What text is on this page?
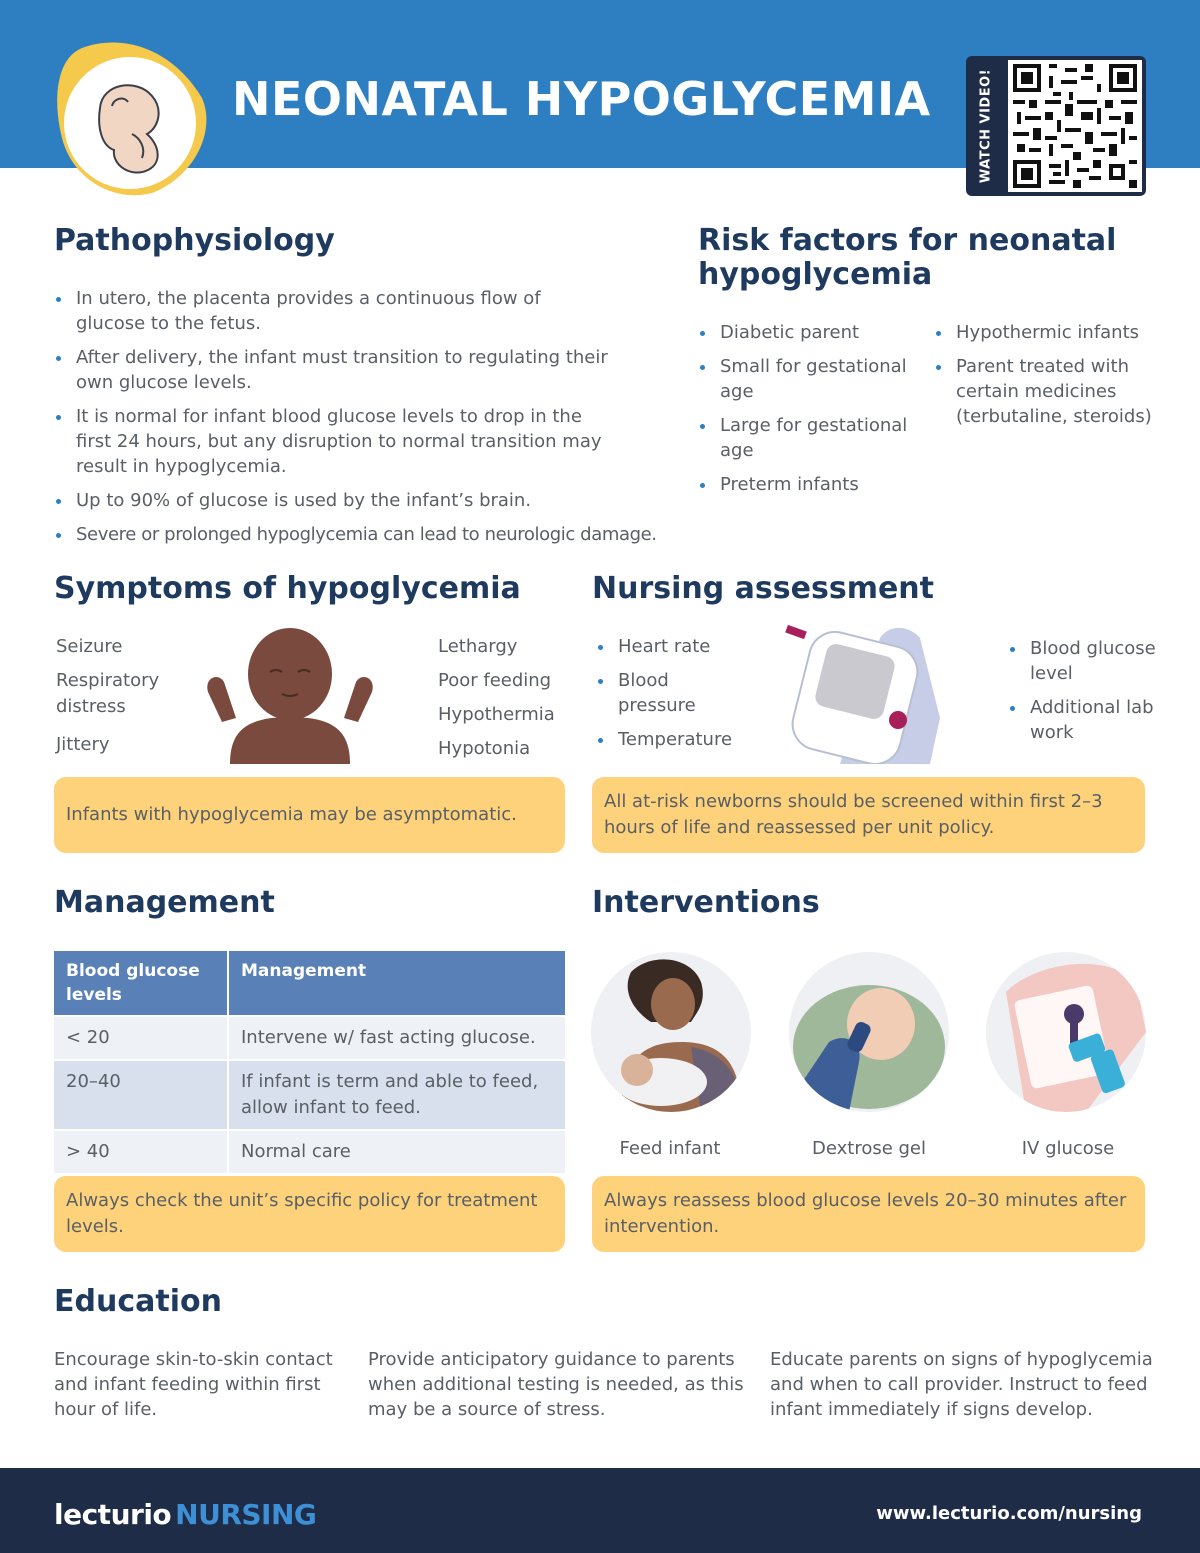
NEONATAL HYPOGLYCEMIA	WATCH VIDEO!
Pathophysiology
In utero, the placenta provides a continuous flow of glucose to the fetus.
After delivery, the infant must transition to regulating their own glucose levels.
It is normal for infant blood glucose levels to drop in the first 24 hours, but any disruption to normal transition may result in hypoglycemia.
Up to 90% of glucose is used by the infant’s brain.
Severe or prolonged hypoglycemia can lead to neurologic damage.
Risk factors for neonatal hypoglycemia
Diabetic parent
Small for gestational age
Large for gestational age
Preterm infants
Hypothermic infants
Parent treated with certain medicines (terbutaline, steroids)
Symptoms of hypoglycemia
Seizure
Respiratory distress
Jittery
Lethargy
Poor feeding
Hypothermia
Hypotonia
Infants with hypoglycemia may be asymptomatic.
Nursing assessment
Heart rate
Blood pressure
Temperature
Blood glucose level
Additional lab work
All at-risk newborns should be screened within first 2–3 hours of life and reassessed per unit policy.
Management
Blood glucose levels	Management
< 20	Intervene w/ fast acting glucose.
20–40	If infant is term and able to feed, allow infant to feed.
> 40	Normal care
Always check the unit’s specific policy for treatment levels.
Interventions
Feed infant	Dextrose gel	IV glucose
Always reassess blood glucose levels 20–30 minutes after intervention.
Education
Encourage skin-to-skin contact and infant feeding within first hour of life.
Provide anticipatory guidance to parents when additional testing is needed, as this may be a source of stress.
Educate parents on signs of hypoglycemia and when to call provider. Instruct to feed infant immediately if signs develop.
lecturio NURSING	www.lecturio.com/nursing
